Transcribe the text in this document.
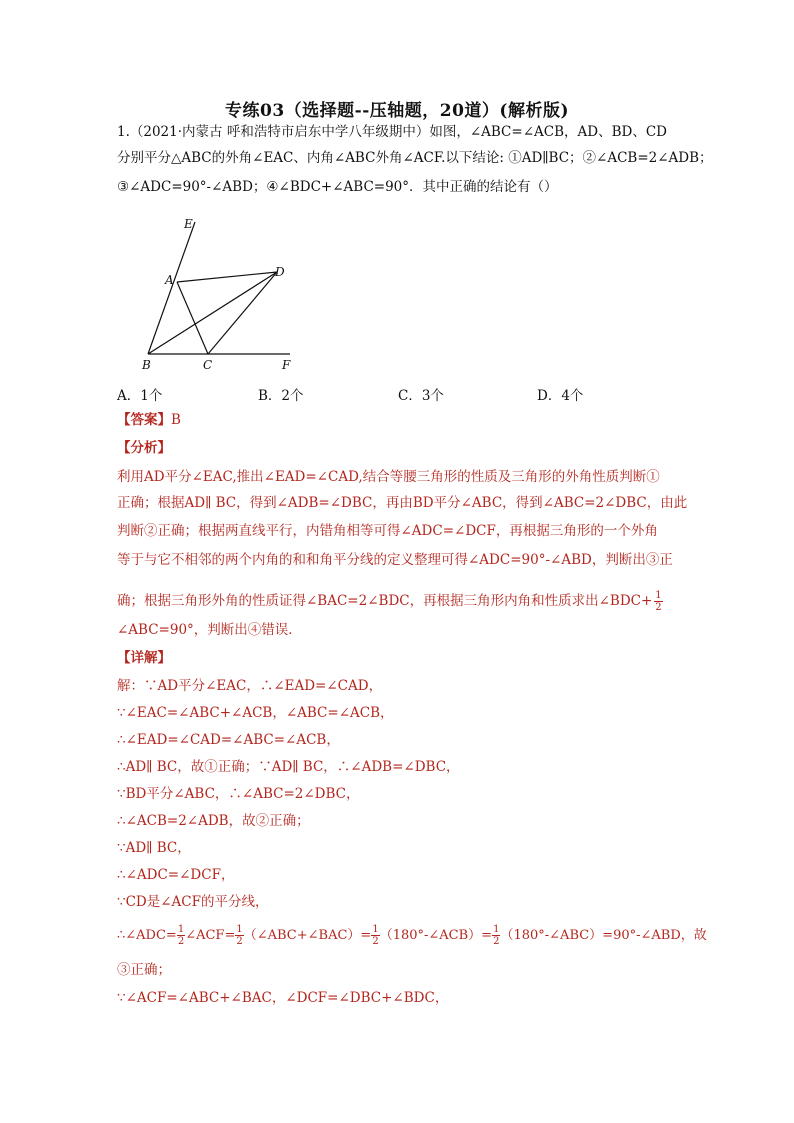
专练03（选择题--压轴题，20道）(解析版)
1.（2021·内蒙古 呼和浩特市启东中学八年级期中）如图，∠ABC=∠ACB，AD、BD、CD
分别平分△ABC的外角∠EAC、内角∠ABC外角∠ACF.以下结论: ①AD∥BC；②∠ACB=2∠ADB；
③∠ADC=90°-∠ABD；④∠BDC+∠ABC=90°．其中正确的结论有（）
E
A
D
B	C	F
A．1个	B．2个	C．3个	D．4个
【答案】B
【分析】
利用AD平分∠EAC,推出∠EAD=∠CAD,结合等腰三角形的性质及三角形的外角性质判断①
正确；根据AD∥ BC，得到∠ADB=∠DBC，再由BD平分∠ABC，得到∠ABC=2∠DBC，由此
判断②正确；根据两直线平行，内错角相等可得∠ADC=∠DCF，再根据三角形的一个外角
等于与它不相邻的两个内角的和和角平分线的定义整理可得∠ADC=90°-∠ABD，判断出③正
确；根据三角形外角的性质证得∠BAC=2∠BDC，再根据三角形内角和性质求出∠BDC+ $\frac{1}{2}$
∠ABC=90°，判断出④错误．
【详解】
解：∵AD平分∠EAC，∴∠EAD=∠CAD，
∵∠EAC=∠ABC+∠ACB，∠ABC=∠ACB，
∴∠EAD=∠CAD=∠ABC=∠ACB，
∴AD∥ BC，故①正确；∵AD∥ BC，∴∠ADB=∠DBC，
∵BD平分∠ABC，∴∠ABC=2∠DBC，
∴∠ACB=2∠ADB，故②正确；
∵AD∥ BC，
∴∠ADC=∠DCF，
∵CD是∠ACF的平分线，
∴∠ADC= $\frac{1}{2}$ ∠ACF= $\frac{1}{2}$ （∠ABC+∠BAC）= $\frac{1}{2}$ （180°-∠ACB）= $\frac{1}{2}$ （180°-∠ABC）=90°-∠ABD，故
③正确；
∵∠ACF=∠ABC+∠BAC，∠DCF=∠DBC+∠BDC，
